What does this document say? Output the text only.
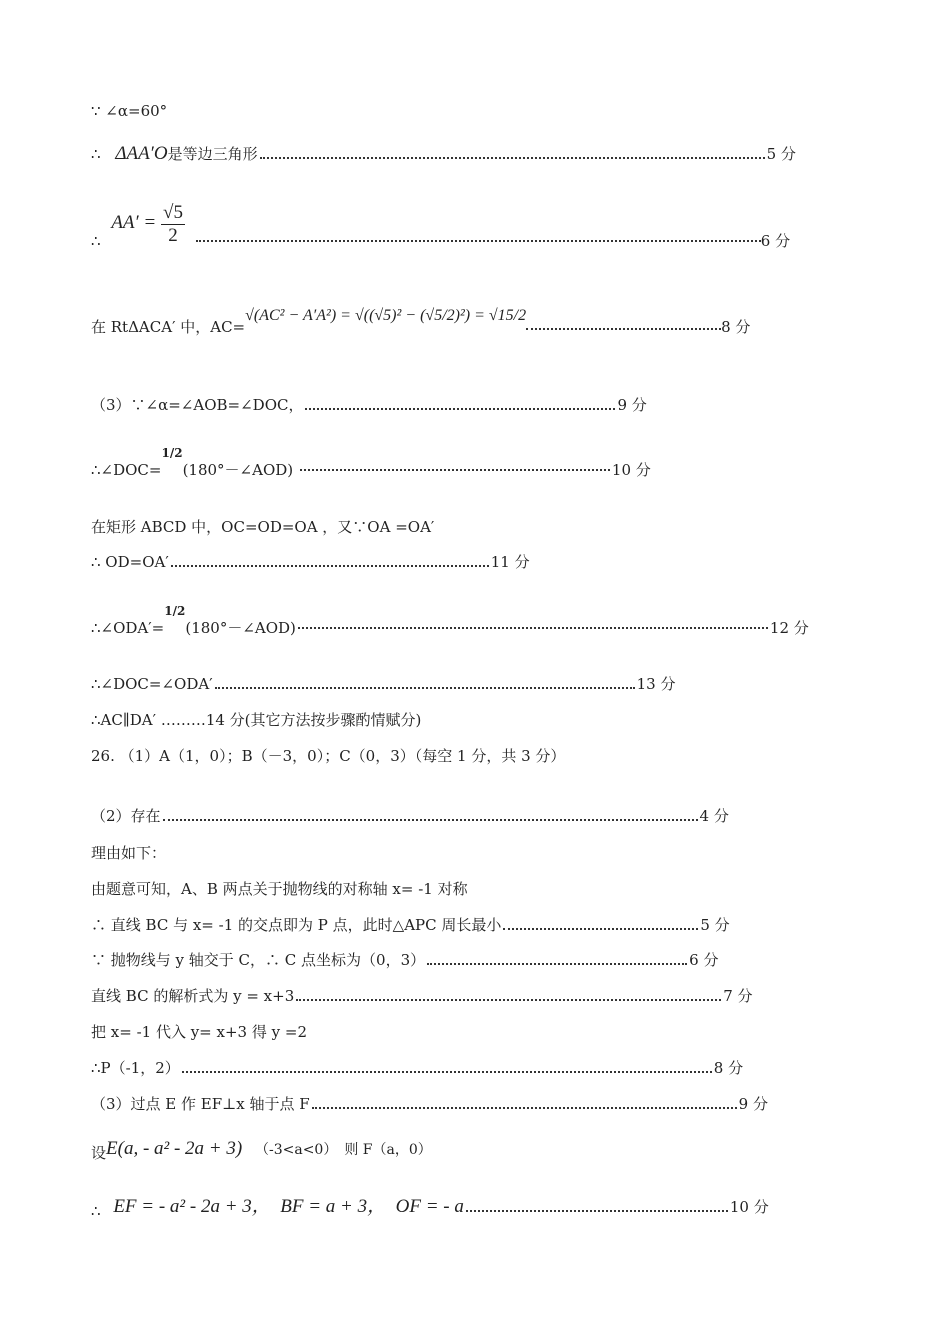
∵ ∠α=60°
∴ ΔAA′O是等边三角形	5 分
∴ $AA' = \frac{√5}{2}$	6 分
在 RtΔACA′ 中，AC=√(AC² − A′A²) = √((√5)² − (√5/2)²) = √15/28 分
（3）∵∠α=∠AOB=∠DOC，	9 分
∴∠DOC=$^{1/2}$(180°－∠AOD)	10 分
在矩形 ABCD 中，OC=OD=OA ，又∵OA =OA′
∴ OD=OA′	11 分
∴∠ODA′=$^{1/2}$(180°－∠AOD)	12 分
∴∠DOC=∠ODA′	13 分
∴AC∥DA′ ………14 分(其它方法按步骤酌情赋分)
26. （1）A（1，0）；B（－3，0）；C（0，3）（每空 1 分，共 3 分）
（2）存在	4 分
理由如下：
由题意可知，A、B 两点关于抛物线的对称轴 x= -1 对称
∴ 直线 BC 与 x= -1 的交点即为 P 点，此时△APC 周长最小	5 分
∵ 抛物线与 y 轴交于 C，∴ C 点坐标为（0，3）	6 分
直线 BC 的解析式为 y = x+3	7 分
把 x= -1 代入 y= x+3 得 y =2
∴P（-1，2）	8 分
（3）过点 E 作 EF⊥x 轴于点 F	9 分
设E(a, - a² - 2a + 3) （-3<a<0）　则 F（a，0）
∴ EF = - a² - 2a + 3，　BF = a + 3，　OF = - a	10 分
